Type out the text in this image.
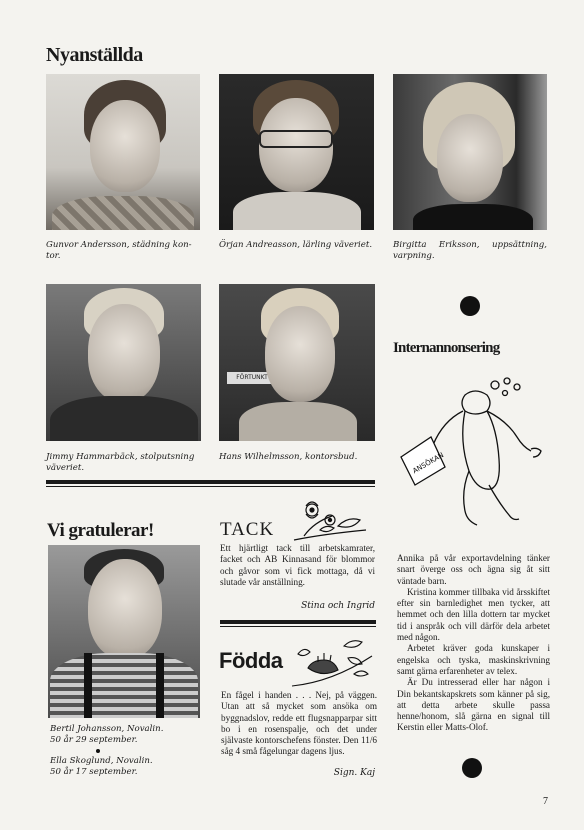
Nyanställda
Gunvor Andersson, städning kon-tor.
Örjan Andreasson, lärling väveriet.	Birgitta Eriksson, uppsättning, varpning.
Jimmy Hammarbäck, stolputsning väveriet.
FÖRTUNKT
Hans Wilhelmsson, kontorsbud.
Internannonsering
ANSÖKAN

Annika på vår exportavdelning tänker snart överge oss och ägna sig åt sitt väntade barn.

Kristina kommer tillbaka vid årsskiftet efter sin barnledighet men tycker, att hemmet och den lilla dottern tar mycket tid i anspråk och vill därför dela arbetet med någon.

Arbetet kräver goda kunskaper i engelska och tyska, maskinskrivning samt gärna erfarenheter av telex.

Är Du intresserad eller har någon i Din bekantskapskrets som känner på sig, att detta arbete skulle passa henne/honom, slå gärna en signal till Kerstin eller Matts-Olof.

Vi gratulerar!
Bertil Johansson, Novalin.
50 år 29 september.
Ella Skoglund, Novalin.
50 år 17 september.
TACK
Ett hjärtligt tack till arbetskamrater, facket och AB Kinnasand för blommor och gåvor som vi fick mottaga, då vi slutade vår anställning.
Stina och Ingrid
Födda
En fågel i handen . . . Nej, på väggen. Utan att så mycket som ansöka om byggnadslov, redde ett flugsnapparpar sitt bo i en rosenspalje, och det under självaste kontorschefens fönster. Den 11/6 såg 4 små fågelungar dagens ljus.
Sign. Kaj
7
